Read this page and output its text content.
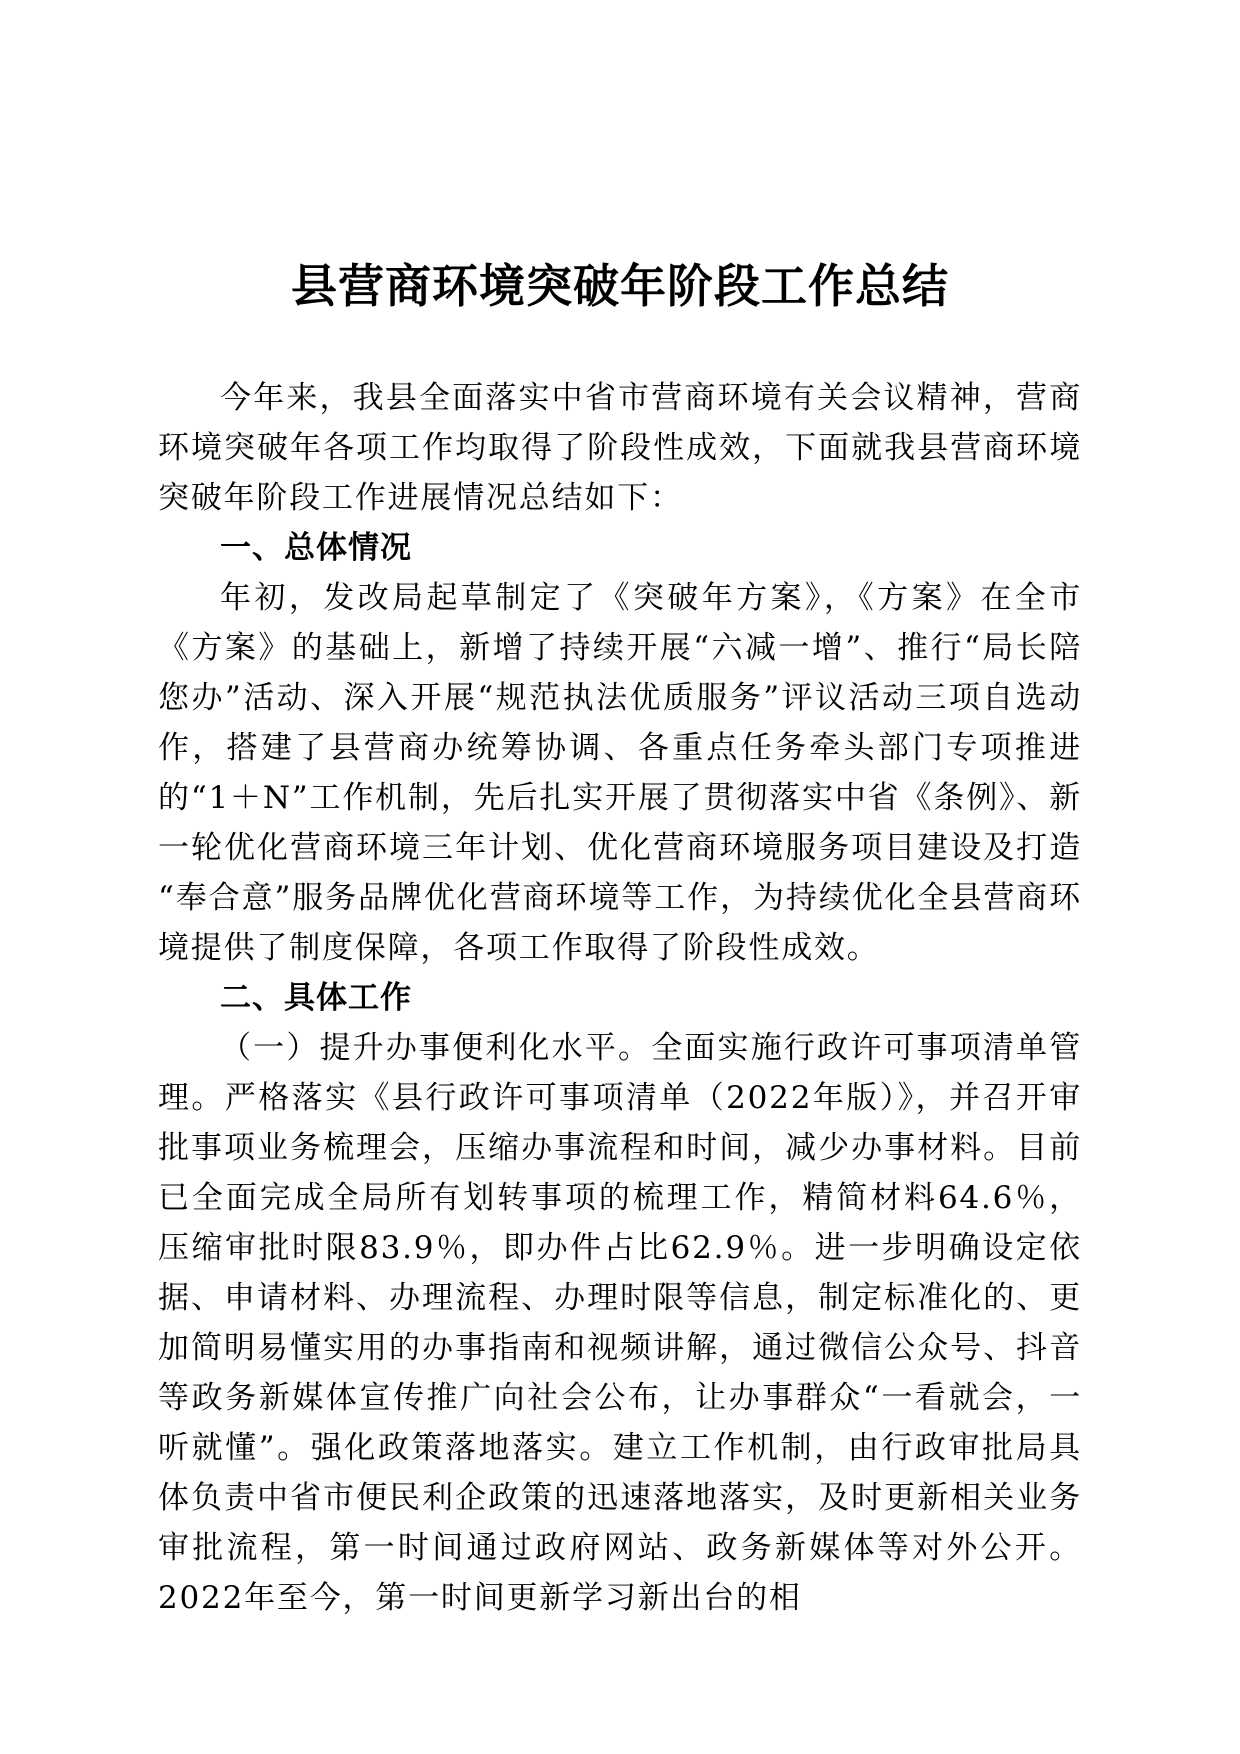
县营商环境突破年阶段工作总结

今年来，我县全面落实中省市营商环境有关会议精神，营商环境突破年各项工作均取得了阶段性成效，下面就我县营商环境突破年阶段工作进展情况总结如下：

一、总体情况

年初，发改局起草制定了《突破年方案》，《方案》在全市《方案》的基础上，新增了持续开展“六减一增”、推行“局长陪您办”活动、深入开展“规范执法优质服务”评议活动三项自选动作，搭建了县营商办统筹协调、各重点任务牵头部门专项推进的“1＋N”工作机制，先后扎实开展了贯彻落实中省《条例》、新一轮优化营商环境三年计划、优化营商环境服务项目建设及打造 “奉合意”服务品牌优化营商环境等工作，为持续优化全县营商环境提供了制度保障，各项工作取得了阶段性成效。

二、具体工作

（一）提升办事便利化水平。全面实施行政许可事项清单管理。严格落实《县行政许可事项清单（2022年版）》，并召开审批事项业务梳理会，压缩办事流程和时间，减少办事材料。目前已全面完成全局所有划转事项的梳理工作，精简材料64.6％，压缩审批时限83.9％，即办件占比62.9％。进一步明确设定依据、申请材料、办理流程、办理时限等信息，制定标准化的、更加简明易懂实用的办事指南和视频讲解，通过微信公众号、抖音等政务新媒体宣传推广向社会公布，让办事群众“一看就会，一听就懂”。强化政策落地落实。建立工作机制，由行政审批局具体负责中省市便民利企政策的迅速落地落实，及时更新相关业务审批流程，第一时间通过政府网站、政务新媒体等对外公开。2022年至今，第一时间更新学习新出台的相
